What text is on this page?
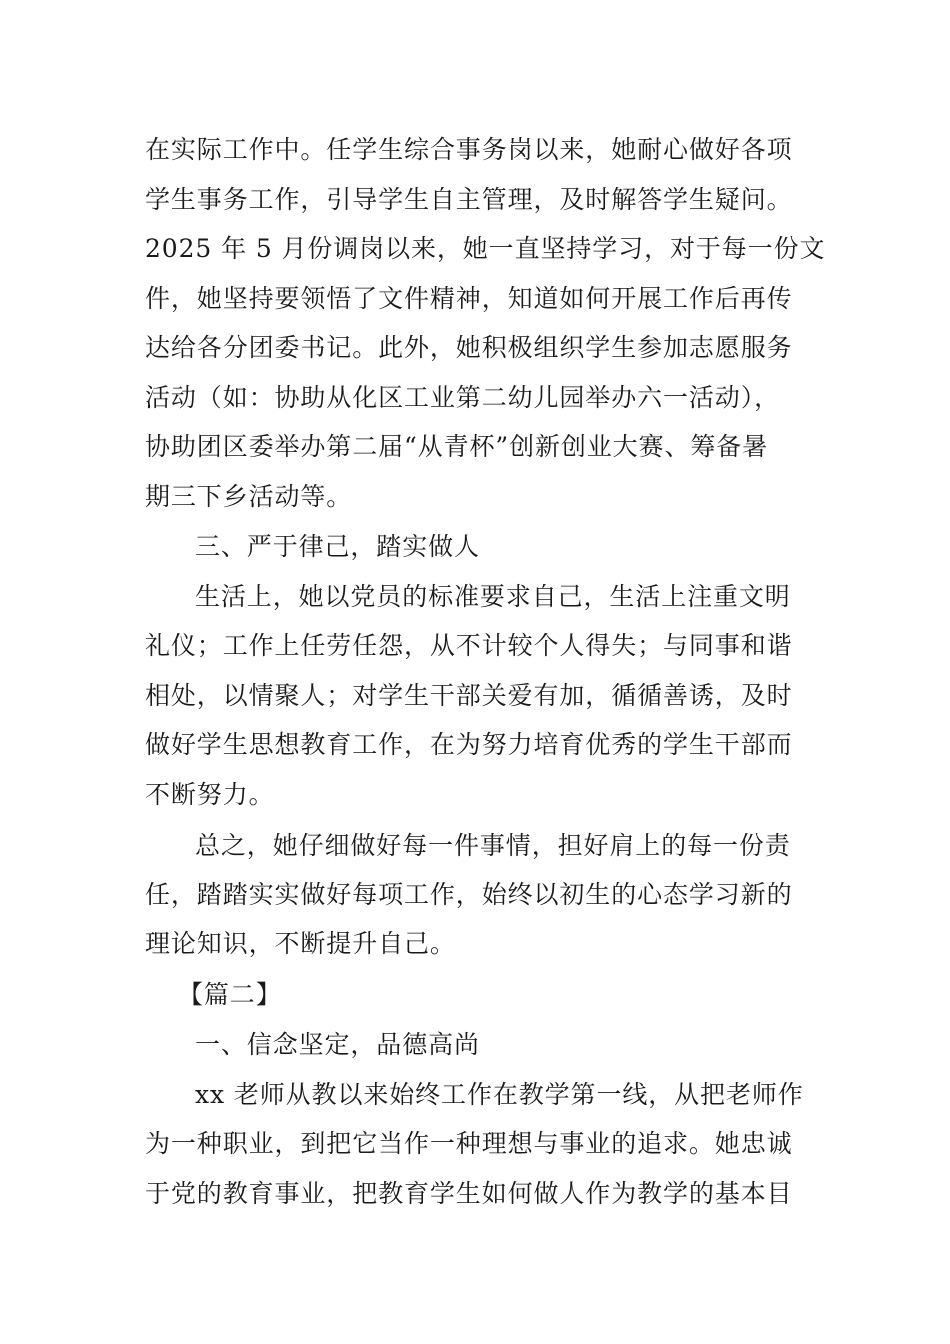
在实际工作中。任学生综合事务岗以来，她耐心做好各项
学生事务工作，引导学生自主管理，及时解答学生疑问。
2025 年 5 月份调岗以来，她一直坚持学习，对于每一份文
件，她坚持要领悟了文件精神，知道如何开展工作后再传
达给各分团委书记。此外，她积极组织学生参加志愿服务
活动（如：协助从化区工业第二幼儿园举办六一活动），
协助团区委举办第二届“从青杯”创新创业大赛、筹备暑
期三下乡活动等。
三、严于律己，踏实做人
生活上，她以党员的标准要求自己，生活上注重文明
礼仪；工作上任劳任怨，从不计较个人得失；与同事和谐
相处，以情聚人；对学生干部关爱有加，循循善诱，及时
做好学生思想教育工作，在为努力培育优秀的学生干部而
不断努力。
总之，她仔细做好每一件事情，担好肩上的每一份责
任，踏踏实实做好每项工作，始终以初生的心态学习新的
理论知识，不断提升自己。
【篇二】
一、信念坚定，品德高尚
xx 老师从教以来始终工作在教学第一线，从把老师作
为一种职业，到把它当作一种理想与事业的追求。她忠诚
于党的教育事业，把教育学生如何做人作为教学的基本目
